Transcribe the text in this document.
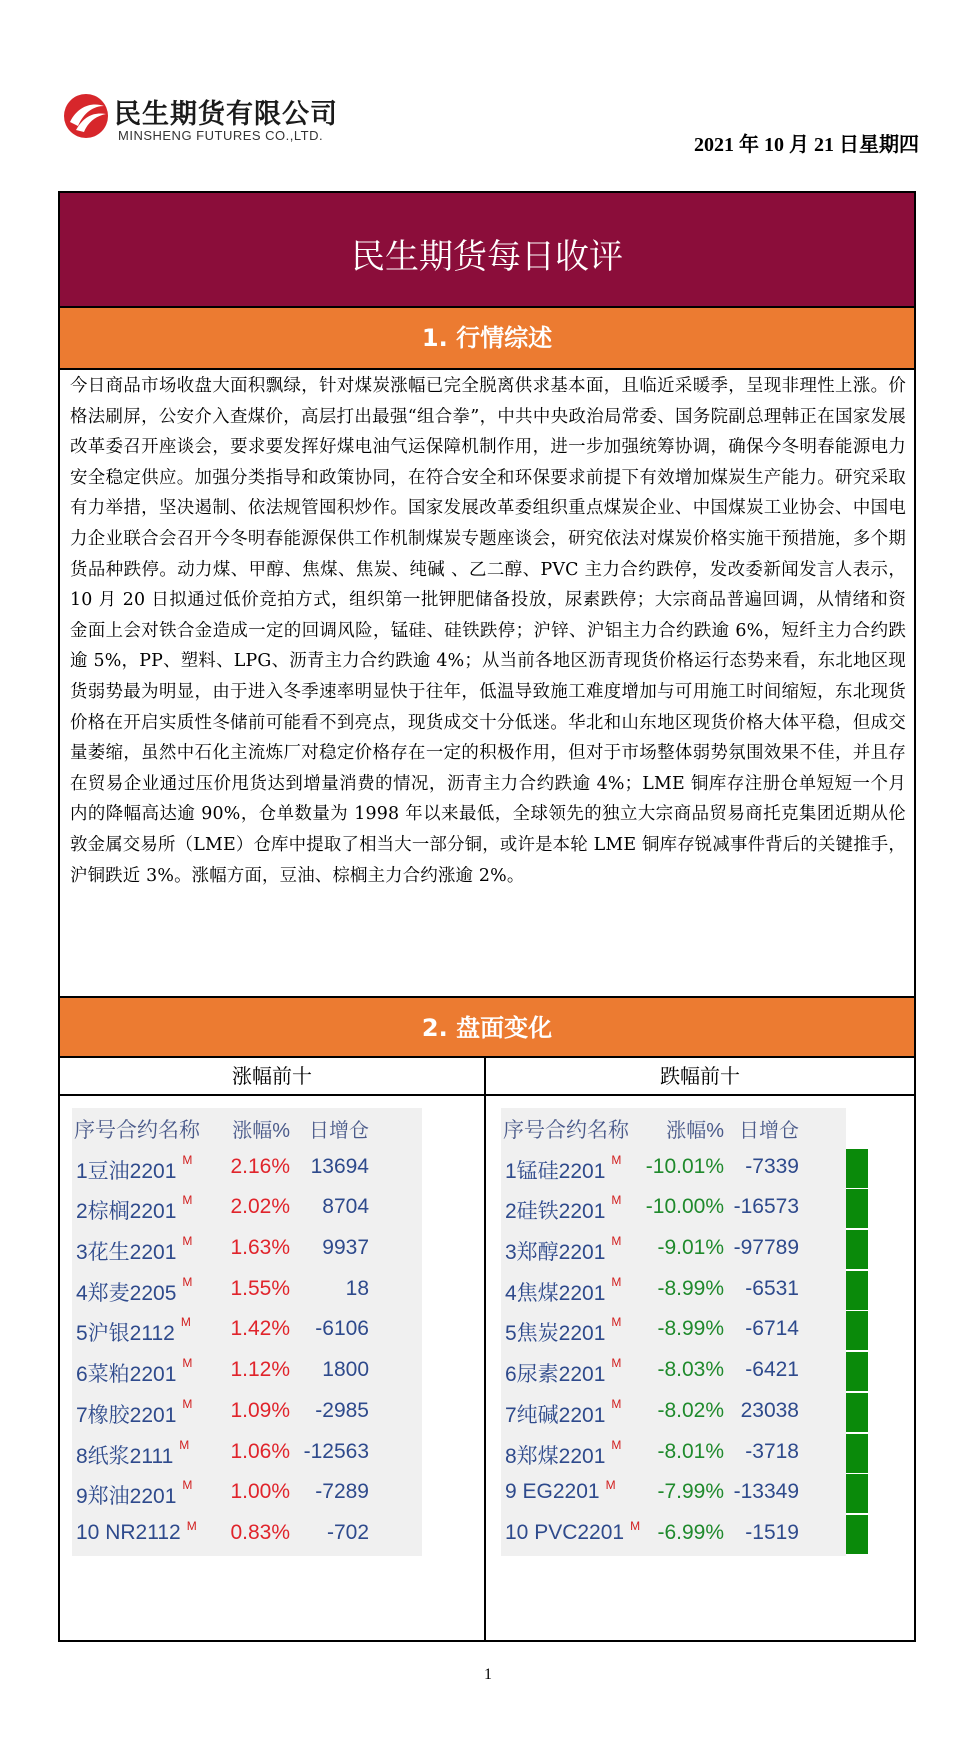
民生期货有限公司
MINSHENG FUTURES CO.,LTD.	2021 年 10 月 21 日星期四
民生期货每日收评
1. 行情综述
今日商品市场收盘大面积飘绿，针对煤炭涨幅已完全脱离供求基本面，且临近采暖季，呈现非理性上涨。价格法刷屏，公安介入查煤价，高层打出最强“组合拳”，中共中央政治局常委、国务院副总理韩正在国家发展改革委召开座谈会，要求要发挥好煤电油气运保障机制作用，进一步加强统筹协调，确保今冬明春能源电力安全稳定供应。加强分类指导和政策协同，在符合安全和环保要求前提下有效增加煤炭生产能力。研究采取有力举措，坚决遏制、依法规管囤积炒作。国家发展改革委组织重点煤炭企业、中国煤炭工业协会、中国电力企业联合会召开今冬明春能源保供工作机制煤炭专题座谈会，研究依法对煤炭价格实施干预措施，多个期货品种跌停。动力煤、甲醇、焦煤、焦炭、纯碱 、乙二醇、PVC 主力合约跌停，发改委新闻发言人表示，10 月 20 日拟通过低价竞拍方式，组织第一批钾肥储备投放，尿素跌停；大宗商品普遍回调，从情绪和资金面上会对铁合金造成一定的回调风险，锰硅、硅铁跌停；沪锌、沪铝主力合约跌逾 6%，短纤主力合约跌逾 5%，PP、塑料、LPG、沥青主力合约跌逾 4%；从当前各地区沥青现货价格运行态势来看，东北地区现货弱势最为明显，由于进入冬季速率明显快于往年，低温导致施工难度增加与可用施工时间缩短，东北现货价格在开启实质性冬储前可能看不到亮点，现货成交十分低迷。华北和山东地区现货价格大体平稳，但成交量萎缩，虽然中石化主流炼厂对稳定价格存在一定的积极作用，但对于市场整体弱势氛围效果不佳，并且存在贸易企业通过压价甩货达到增量消费的情况，沥青主力合约跌逾 4%；LME 铜库存注册仓单短短一个月内的降幅高达逾 90%，仓单数量为 1998 年以来最低，全球领先的独立大宗商品贸易商托克集团近期从伦敦金属交易所（LME）仓库中提取了相当大一部分铜，或许是本轮 LME 铜库存锐减事件背后的关键推手，沪铜跌近 3%。涨幅方面，豆油、棕榈主力合约涨逾 2%。
2. 盘面变化
涨幅前十
序号合约名称	涨幅% 日增仓
1豆油2201 $^M$	2.16% 13694
2棕榈2201 $^M$	2.02%	8704
3花生2201 $^M$	1.63%	9937
4郑麦2205 $^M$	1.55%	18
5沪银2112 $^M$	1.42%	-6106
6菜粕2201 $^M$	1.12%	1800
7橡胶2201 $^M$	1.09%	-2985
8纸浆2111 $^M$	1.06% -12563
9郑油2201 $^M$	1.00%	-7289
10 NR2112 $^M$	0.83%	-702
跌幅前十
序号合约名称	涨幅% 日增仓
1锰硅2201 $^M$	-10.01%	-7339
2硅铁2201 $^M$	-10.00% -16573
3郑醇2201 $^M$	-9.01% -97789
4焦煤2201 $^M$	-8.99%	-6531
5焦炭2201 $^M$	-8.99%	-6714
6尿素2201 $^M$	-8.03%	-6421
7纯碱2201 $^M$	-8.02% 23038
8郑煤2201 $^M$	-8.01%	-3718
9 EG2201 $^M$	-7.99% -13349
10 PVC2201 $^M$ -6.99%	-1519
1
